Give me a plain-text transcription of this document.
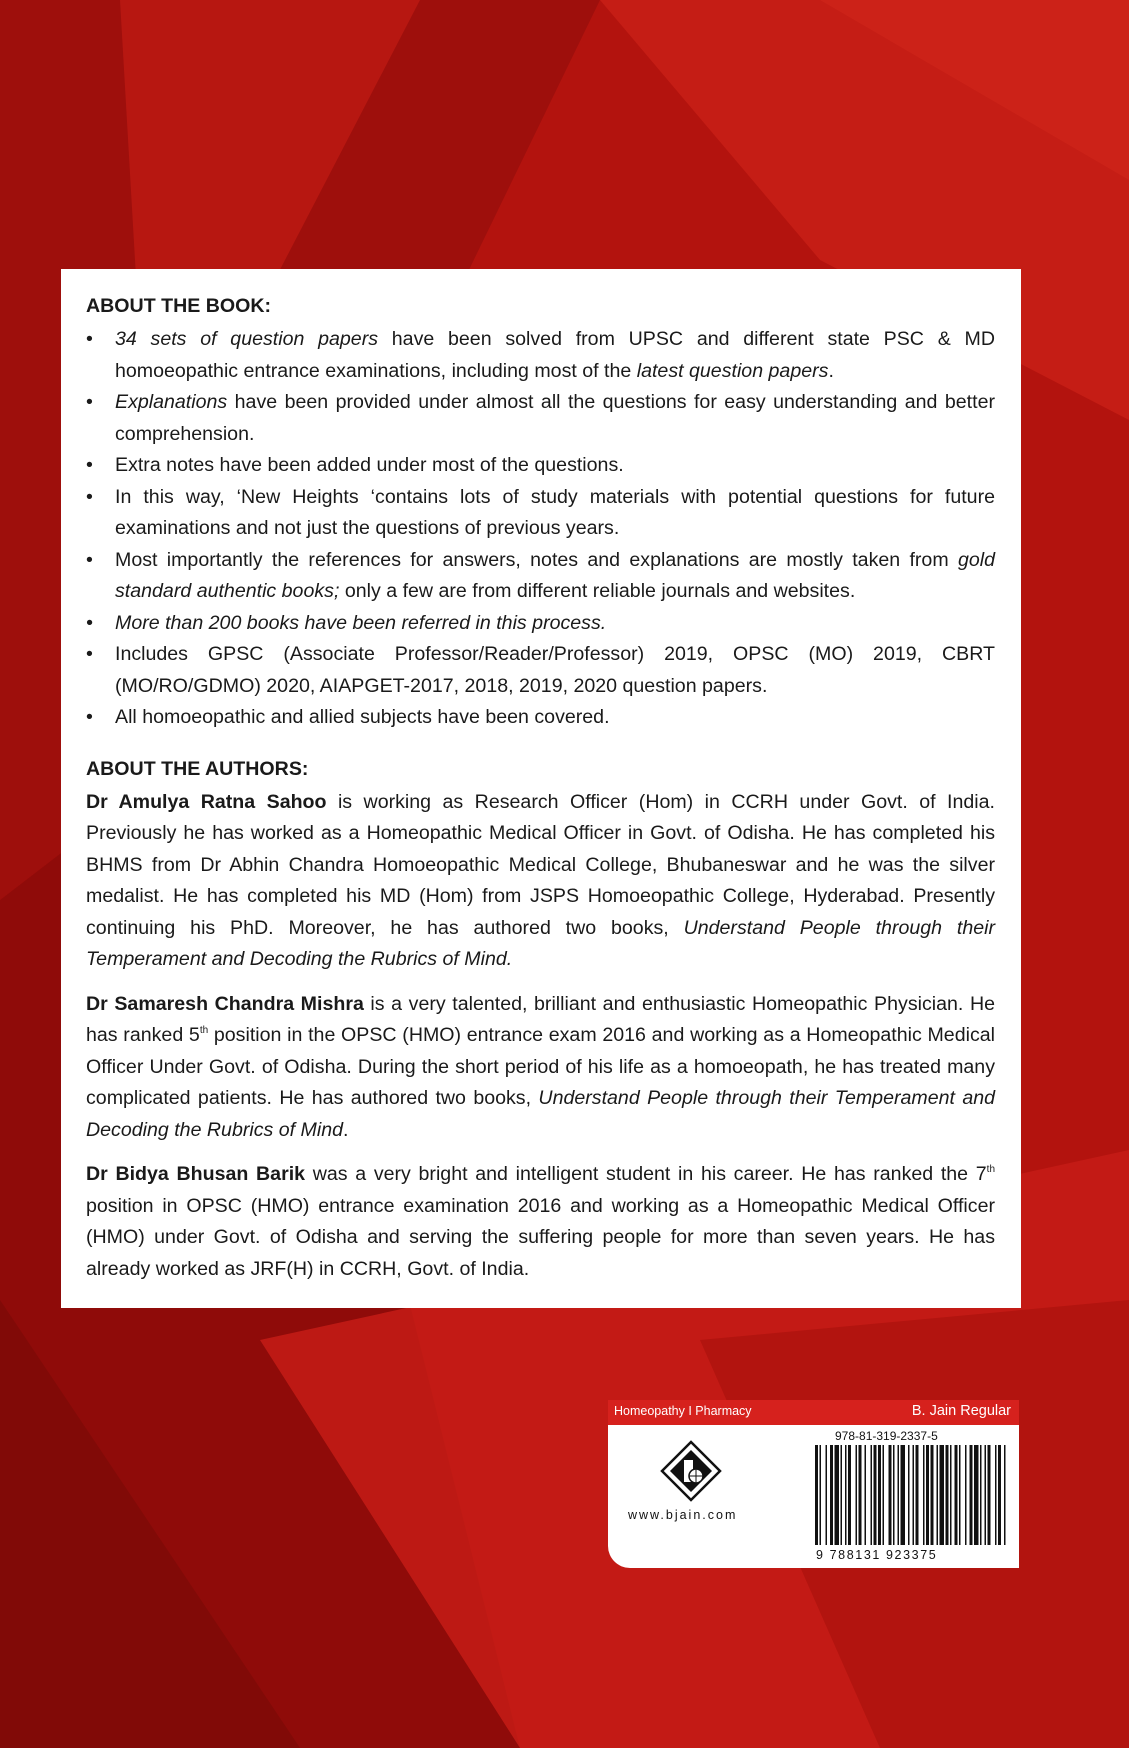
ABOUT THE BOOK:
• 34 sets of question papers have been solved from UPSC and different state PSC & MD homoeopathic entrance examinations, including most of the latest question papers.
• Explanations have been provided under almost all the questions for easy understanding and better comprehension.
• Extra notes have been added under most of the questions.
• In this way, ‘New Heights ‘contains lots of study materials with potential questions for future examinations and not just the questions of previous years.
• Most importantly the references for answers, notes and explanations are mostly taken from gold standard authentic books; only a few are from different reliable journals and websites.
• More than 200 books have been referred in this process.
• Includes GPSC (Associate Professor/Reader/Professor) 2019, OPSC (MO) 2019, CBRT (MO/RO/GDMO) 2020, AIAPGET-2017, 2018, 2019, 2020 question papers.
• All homoeopathic and allied subjects have been covered.
ABOUT THE AUTHORS:

Dr Amulya Ratna Sahoo is working as Research Officer (Hom) in CCRH under Govt. of India. Previously he has worked as a Homeopathic Medical Officer in Govt. of Odisha. He has completed his BHMS from Dr Abhin Chandra Homoeopathic Medical College, Bhubaneswar and he was the silver medalist. He has completed his MD (Hom) from JSPS Homoeopathic College, Hyderabad. Presently continuing his PhD. Moreover, he has authored two books, Understand People through their Temperament and Decoding the Rubrics of Mind.

Dr Samaresh Chandra Mishra is a very talented, brilliant and enthusiastic Homeopathic Physician. He has ranked 5th position in the OPSC (HMO) entrance exam 2016 and working as a Homeopathic Medical Officer Under Govt. of Odisha. During the short period of his life as a homoeopath, he has treated many complicated patients. He has authored two books, Understand People through their Temperament and Decoding the Rubrics of Mind.

Dr Bidya Bhusan Barik was a very bright and intelligent student in his career. He has ranked the 7th position in OPSC (HMO) entrance examination 2016 and working as a Homeopathic Medical Officer (HMO) under Govt. of Odisha and serving the suffering people for more than seven years. He has already worked as JRF(H) in CCRH, Govt. of India.

Homeopathy I Pharmacy	B. Jain Regular
www.bjain.com
978-81-319-2337-5
9 788131 923375
